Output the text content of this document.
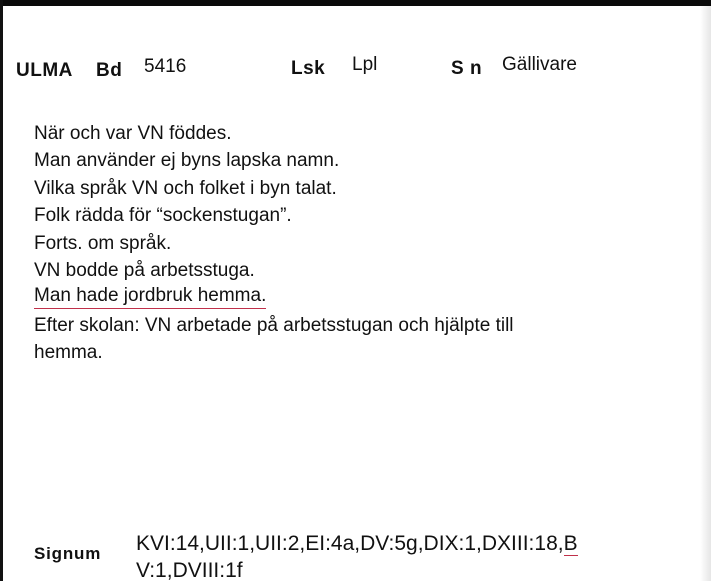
ULMA Bd 5416	Lsk Lpl	S n Gällivare
När och var VN föddes.
Man använder ej byns lapska namn.
Vilka språk VN och folket i byn talat.
Folk rädda för “sockenstugan”.
Forts. om språk.
VN bodde på arbetsstuga.
Man hade jordbruk hemma.
Efter skolan: VN arbetade på arbetsstugan och hjälpte till
hemma.
Signum KVI:14,UII:1,UII:2,EI:4a,DV:5g,DIX:1,DXIII:18,B
V:1,DVIII:1f
